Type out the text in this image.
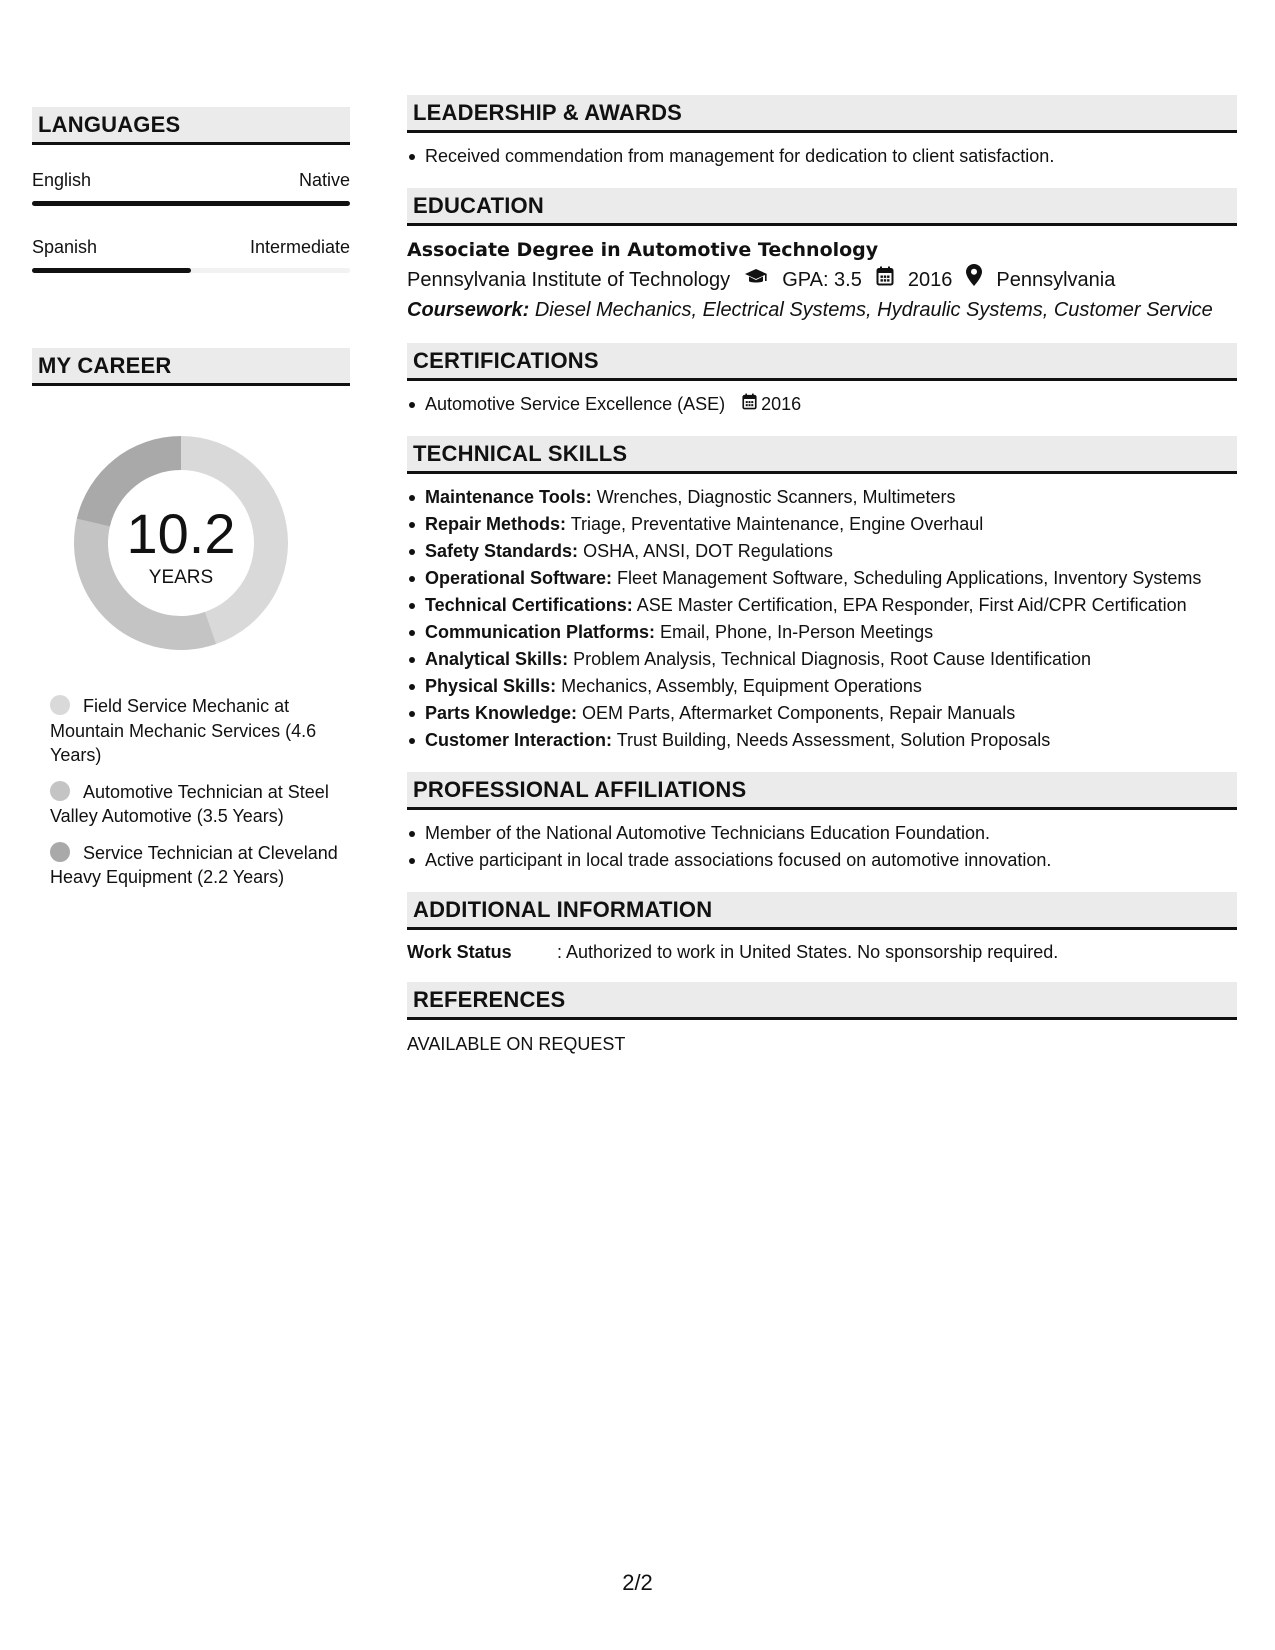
LANGUAGES
English	Native
Spanish	Intermediate
MY CAREER
10.2
YEARS
Field Service Mechanic at Mountain Mechanic Services (4.6 Years)
Automotive Technician at Steel Valley Automotive (3.5 Years)
Service Technician at Cleveland Heavy Equipment (2.2 Years)
LEADERSHIP & AWARDS
Received commendation from management for dedication to client satisfaction.
EDUCATION
Associate Degree in Automotive Technology
Pennsylvania Institute of Technology	GPA: 3.5 2016 Pennsylvania
Coursework: Diesel Mechanics, Electrical Systems, Hydraulic Systems, Customer Service
CERTIFICATIONS
Automotive Service Excellence (ASE) 2016
TECHNICAL SKILLS
Maintenance Tools: Wrenches, Diagnostic Scanners, Multimeters
Repair Methods: Triage, Preventative Maintenance, Engine Overhaul
Safety Standards: OSHA, ANSI, DOT Regulations
Operational Software: Fleet Management Software, Scheduling Applications, Inventory Systems
Technical Certifications: ASE Master Certification, EPA Responder, First Aid/CPR Certification
Communication Platforms: Email, Phone, In-Person Meetings
Analytical Skills: Problem Analysis, Technical Diagnosis, Root Cause Identification
Physical Skills: Mechanics, Assembly, Equipment Operations
Parts Knowledge: OEM Parts, Aftermarket Components, Repair Manuals
Customer Interaction: Trust Building, Needs Assessment, Solution Proposals
PROFESSIONAL AFFILIATIONS
Member of the National Automotive Technicians Education Foundation.
Active participant in local trade associations focused on automotive innovation.
ADDITIONAL INFORMATION
Work Status	: Authorized to work in United States. No sponsorship required.
REFERENCES
AVAILABLE ON REQUEST
2/2
